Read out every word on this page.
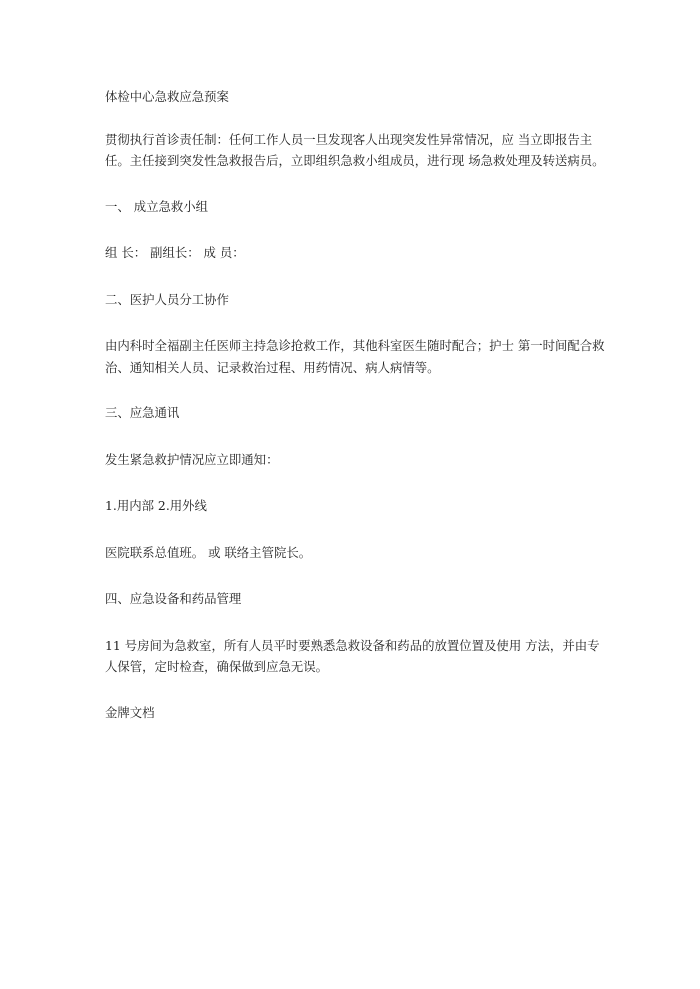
体检中心急救应急预案

贯彻执行首诊责任制：任何工作人员一旦发现客人出现突发性异常情况，应 当立即报告主任。主任接到突发性急救报告后，立即组织急救小组成员，进行现 场急救处理及转送病员。

一、 成立急救小组

组 长： 副组长： 成 员：

二、医护人员分工协作

由内科时全福副主任医师主持急诊抢救工作，其他科室医生随时配合；护士 第一时间配合救治、通知相关人员、记录救治过程、用药情况、病人病情等。

三、应急通讯

发生紧急救护情况应立即通知：

1.用内部 2.用外线

医院联系总值班。 或 联络主管院长。

四、应急设备和药品管理

11 号房间为急救室，所有人员平时要熟悉急救设备和药品的放置位置及使用 方法，并由专人保管，定时检查，确保做到应急无误。

金牌文档
